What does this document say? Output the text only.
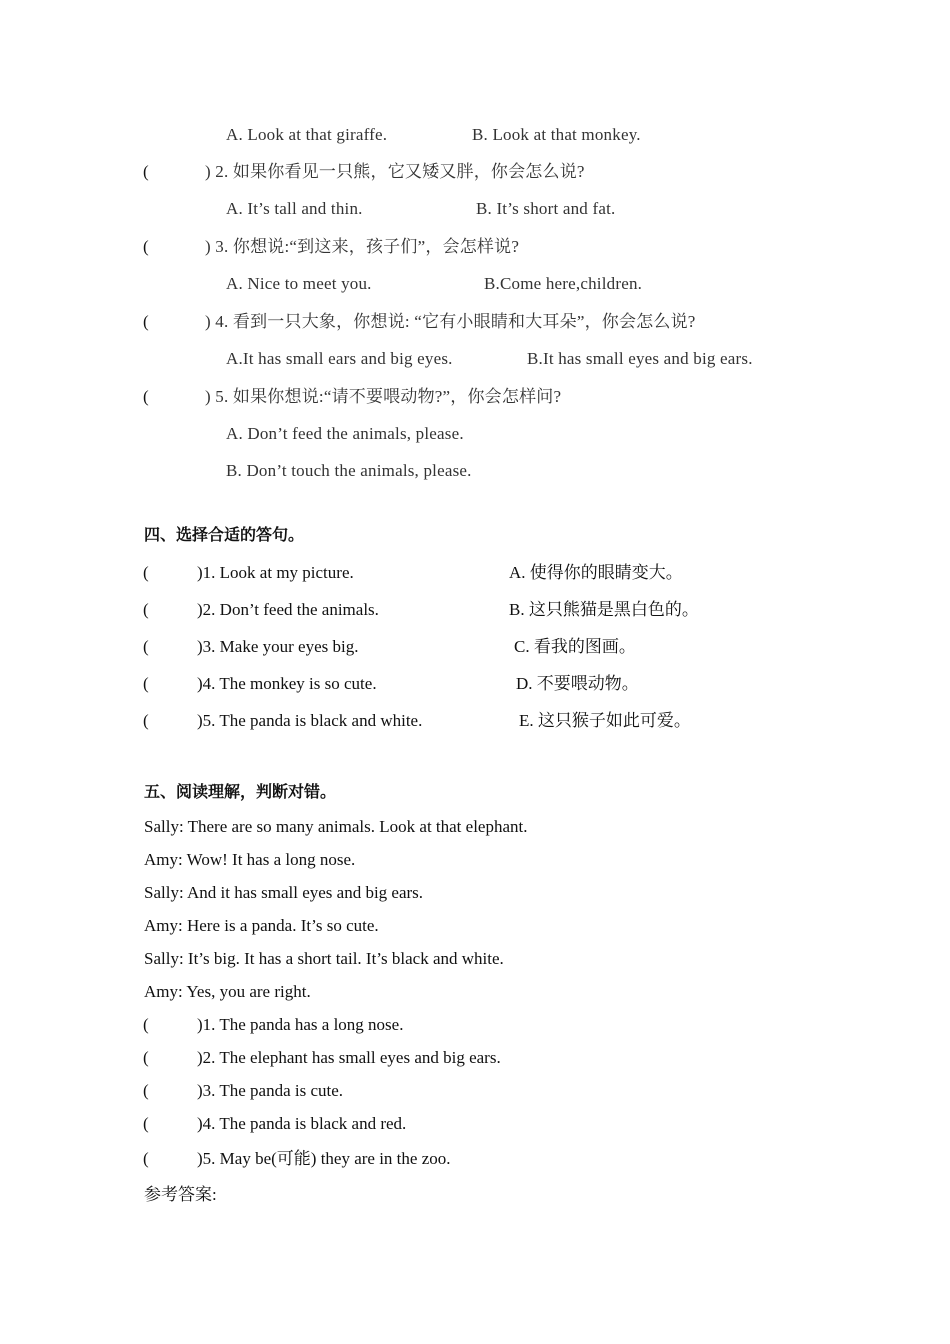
A. Look at that giraffe.	B. Look at that monkey.
(	) 2. 如果你看见一只熊，它又矮又胖，你会怎么说?
A. It’s tall and thin.	B. It’s short and fat.
(	) 3. 你想说:“到这来，孩子们”，会怎样说?
A. Nice to meet you.	B.Come here,children.
(	) 4. 看到一只大象，你想说: “它有小眼睛和大耳朵”，你会怎么说?
A.It has small ears and big eyes.	B.It has small eyes and big ears.
(	) 5. 如果你想说:“请不要喂动物?”，你会怎样问?
A. Don’t feed the animals, please.
B. Don’t touch the animals, please.
四、选择合适的答句。
(	)1. Look at my picture.	A. 使得你的眼睛变大。
(	)2. Don’t feed the animals.	B. 这只熊猫是黑白色的。
(	)3. Make your eyes big.	C. 看我的图画。
(	)4. The monkey is so cute.	D. 不要喂动物。
(	)5. The panda is black and white.	E. 这只猴子如此可爱。
五、阅读理解，判断对错。
Sally: There are so many animals. Look at that elephant.
Amy: Wow! It has a long nose.
Sally: And it has small eyes and big ears.
Amy: Here is a panda. It’s so cute.
Sally: It’s big. It has a short tail. It’s black and white.
Amy: Yes, you are right.
(	)1. The panda has a long nose.
(	)2. The elephant has small eyes and big ears.
(	)3. The panda is cute.
(	)4. The panda is black and red.
(	)5. May be(可能) they are in the zoo.
参考答案:
